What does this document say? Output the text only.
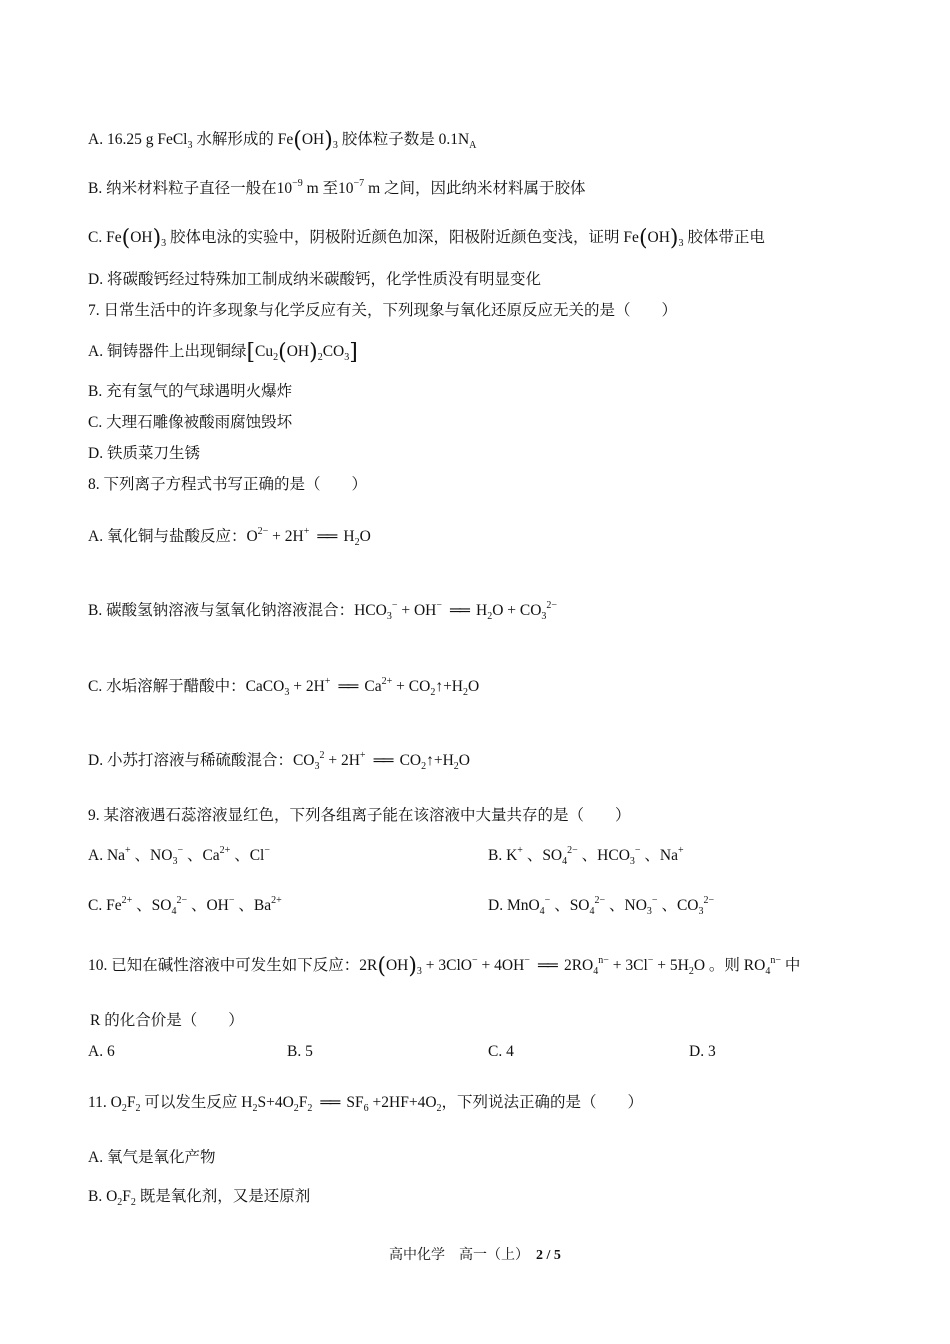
A. 16.25 g FeCl$_3$ 水解形成的 $Fe(OH)_3$ 胶体粒子数是 $0.1N_A$
B. 纳米材料粒子直径一般在$10^{-9}$ m 至$10^{-7}$ m 之间，因此纳米材料属于胶体
C. $Fe(OH)_3$ 胶体电泳的实验中，阴极附近颜色加深，阳极附近颜色变浅，证明 $Fe(OH)_3$ 胶体带正电
D. 将碳酸钙经过特殊加工制成纳米碳酸钙，化学性质没有明显变化
7. 日常生活中的许多现象与化学反应有关，下列现象与氧化还原反应无关的是（　　）
A. 铜铸器件上出现铜绿$[Cu_2(OH)_2CO_3]$
B. 充有氢气的气球遇明火爆炸
C. 大理石雕像被酸雨腐蚀毁坏
D. 铁质菜刀生锈
8. 下列离子方程式书写正确的是（　　）
A. 氧化铜与盐酸反应：$O^{2-} + 2H^+$ ══ $H_2O$
B. 碳酸氢钠溶液与氢氧化钠溶液混合：$HCO_3^- + OH^-$ ══ $H_2O + CO_3^{2-}$
C. 水垢溶解于醋酸中：CaCO$_3$ + 2H+ ══ $Ca^{2+}$ + $CO_2↑+H_2O$
D. 小苏打溶液与稀硫酸混合：$CO_3^2 + 2H^+$ ══ $CO_2↑+H_2O$
9. 某溶液遇石蕊溶液显红色，下列各组离子能在该溶液中大量共存的是（　　）
A. Na+ 、$NO_3^-$ 、$Ca^{2+}$ 、Cl−	B. K+ 、$SO_4^{2-}$ 、$HCO_3^-$ 、Na+
C. $Fe^{2+}$ 、$SO_4^{2-}$ 、OH− 、$Ba^{2+}$	D. MnO$_4$− 、$SO_4^{2-}$ 、$NO_3^-$ 、$CO_3^{2-}$
10. 已知在碱性溶液中可发生如下反应：$2R(OH)_3 + 3ClO^- + 4OH^-$ ══ $2RO_4^{n-} + 3Cl^- + 5H_2O$ 。则 $RO_4^{n-}$ 中
R 的化合价是（　　）
A. 6	B. 5	C. 4	D. 3
11. $O_2F_2$ 可以发生反应 $H_2S+4O_2F_2$ ══ $SF_6 +2HF+4O_2$，下列说法正确的是（　　）
A. 氧气是氧化产物
B. $O_2F_2$ 既是氧化剂，又是还原剂
高中化学　高一（上）　 2 / 5
